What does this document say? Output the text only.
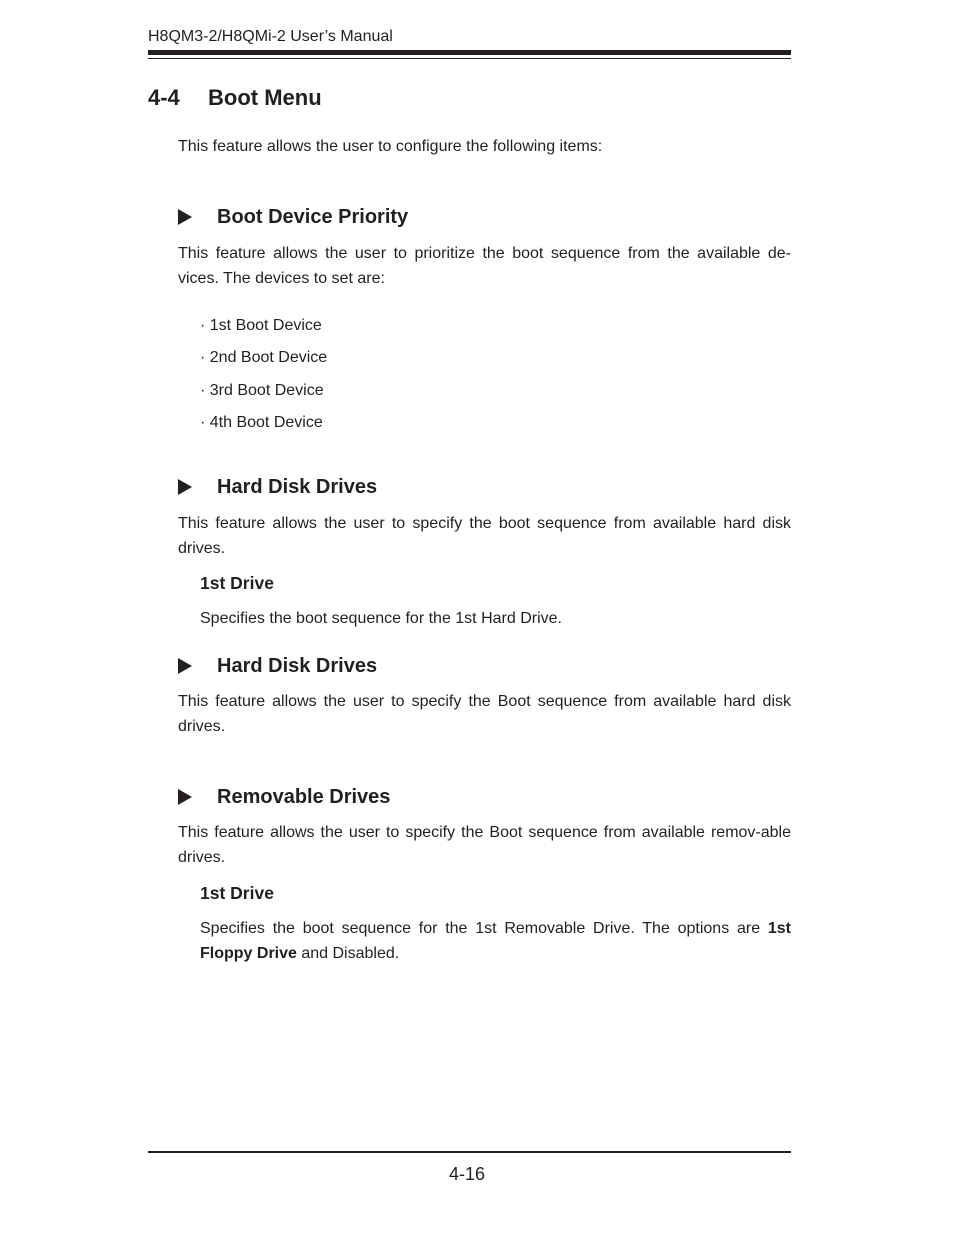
H8QM3-2/H8QMi-2 User’s Manual
4-4 Boot Menu

This feature allows the user to configure the following items:

Boot Device Priority

This feature allows the user to prioritize the boot sequence from the available de-vices. The devices to set are:

· 1st Boot Device
· 2nd Boot Device
· 3rd Boot Device
· 4th Boot Device
Hard Disk Drives

This feature allows the user to specify the boot sequence from available hard disk drives.

1st Drive

Specifies the boot sequence for the 1st Hard Drive.

Hard Disk Drives

This feature allows the user to specify the Boot sequence from available hard disk drives.

Removable Drives

This feature allows the user to specify the Boot sequence from available remov-able drives.

1st Drive

Specifies the boot sequence for the 1st Removable Drive. The options are 1st Floppy Drive and Disabled.

4-16
